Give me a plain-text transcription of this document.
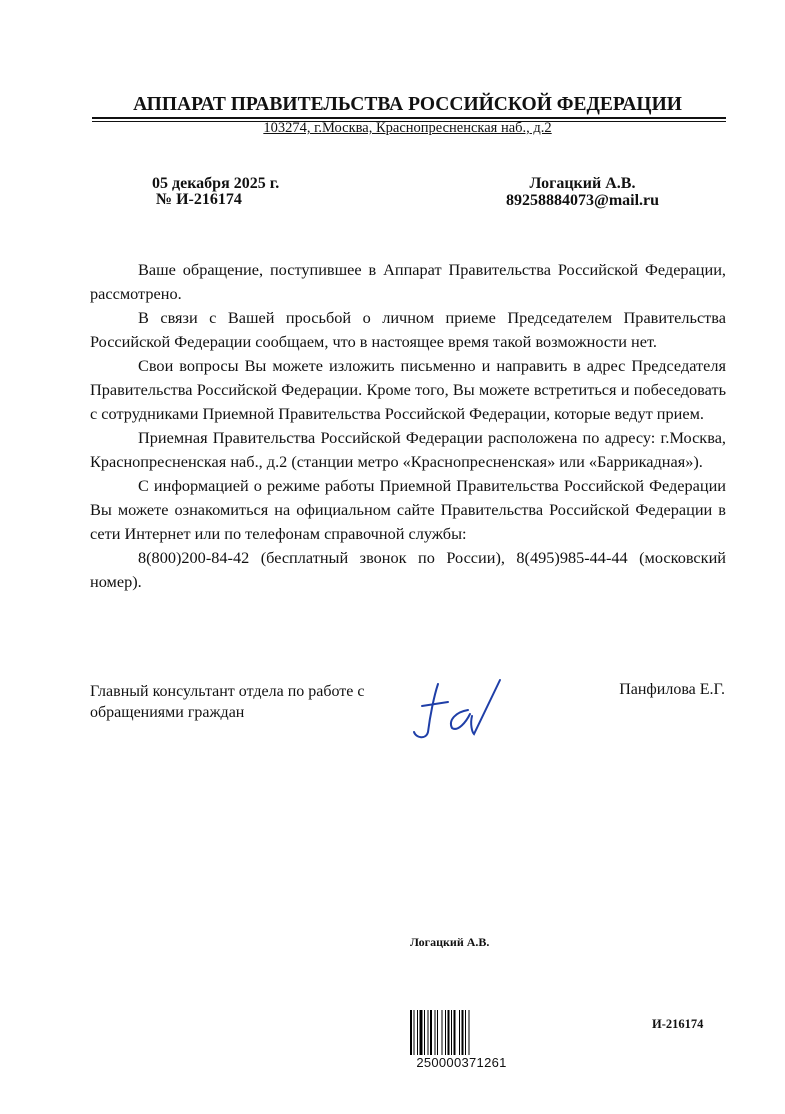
АППАРАТ ПРАВИТЕЛЬСТВА РОССИЙСКОЙ ФЕДЕРАЦИИ
103274, г.Москва, Краснопресненская наб., д.2
05 декабря 2025 г.
№ И-216174
Логацкий А.В.
89258884073@mail.ru

Ваше обращение, поступившее в Аппарат Правительства Российской Федерации, рассмотрено.

В связи с Вашей просьбой о личном приеме Председателем Правительства Российской Федерации сообщаем, что в настоящее время такой возможности нет.

Свои вопросы Вы можете изложить письменно и направить в адрес Председателя Правительства Российской Федерации. Кроме того, Вы можете встретиться и побеседовать с сотрудниками Приемной Правительства Российской Федерации, которые ведут прием.

Приемная Правительства Российской Федерации расположена по адресу: г.Москва, Краснопресненская наб., д.2 (станции метро «Краснопресненская» или «Баррикадная»).

С информацией о режиме работы Приемной Правительства Российской Федерации Вы можете ознакомиться на официальном сайте Правительства Российской Федерации в сети Интернет или по телефонам справочной службы:

8(800)200-84-42 (бесплатный звонок по России), 8(495)985-44-44 (московский номер).

Главный консультант отдела по работе с обращениями граждан
Панфилова Е.Г.
Логацкий А.В.
250000371261
И-216174
